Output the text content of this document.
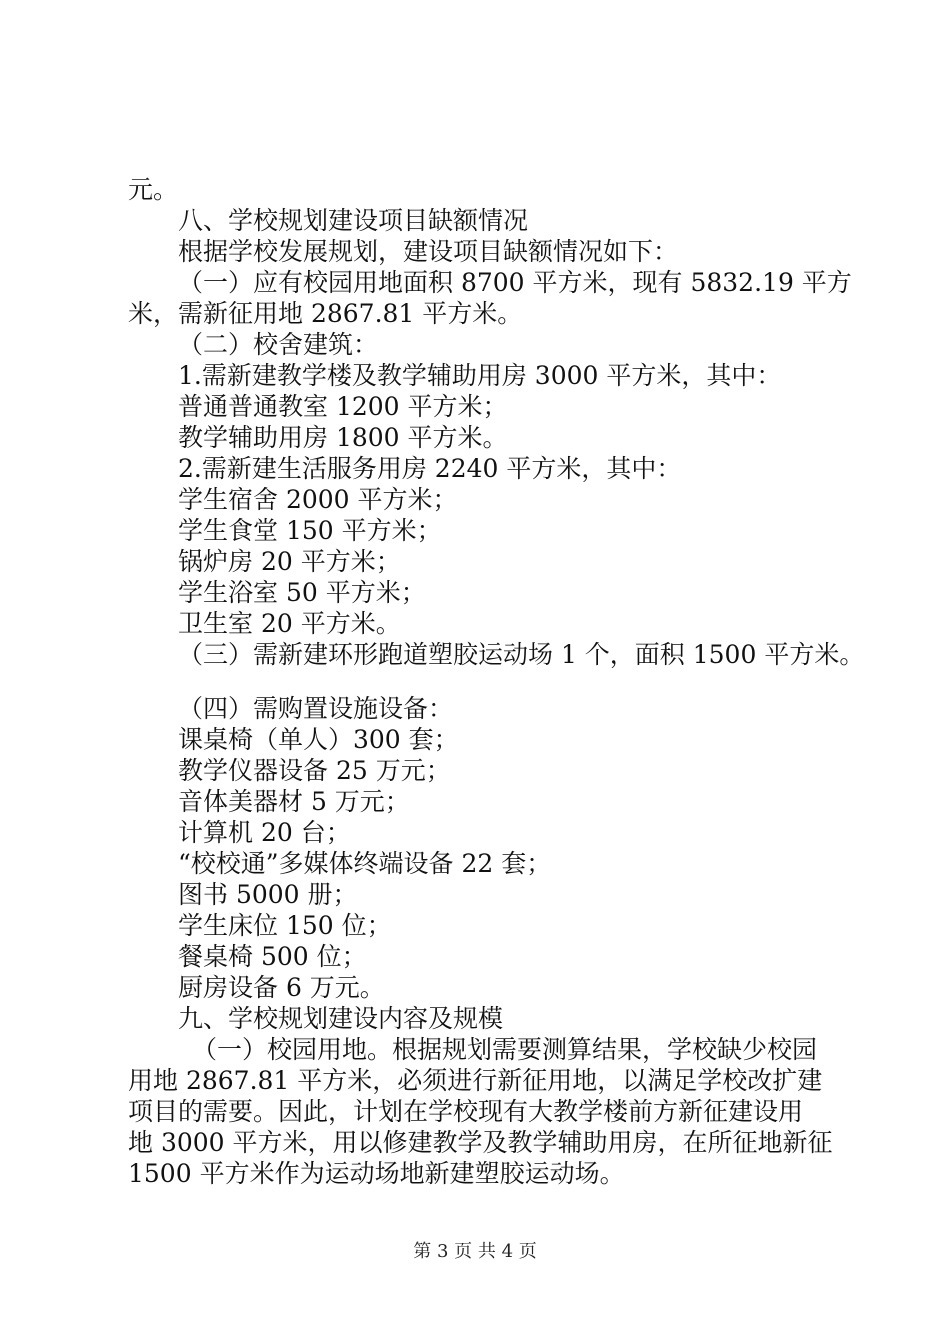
元。
八、学校规划建设项目缺额情况
根据学校发展规划，建设项目缺额情况如下：
（一）应有校园用地面积 8700 平方米，现有 5832.19 平方
米，需新征用地 2867.81 平方米。
（二）校舍建筑：
1.需新建教学楼及教学辅助用房 3000 平方米，其中：
普通普通教室 1200 平方米；
教学辅助用房 1800 平方米。
2.需新建生活服务用房 2240 平方米，其中：
学生宿舍 2000 平方米；
学生食堂 150 平方米；
锅炉房 20 平方米；
学生浴室 50 平方米；
卫生室 20 平方米。
（三）需新建环形跑道塑胶运动场 1 个，面积 1500 平方米。
（四）需购置设施设备：
课桌椅（单人）300 套；
教学仪器设备 25 万元；
音体美器材 5 万元；
计算机 20 台；
“校校通”多媒体终端设备 22 套；
图书 5000 册；
学生床位 150 位；
餐桌椅 500 位；
厨房设备 6 万元。
九、学校规划建设内容及规模
（一）校园用地。根据规划需要测算结果，学校缺少校园
用地 2867.81 平方米，必须进行新征用地，以满足学校改扩建
项目的需要。因此，计划在学校现有大教学楼前方新征建设用
地 3000 平方米，用以修建教学及教学辅助用房，在所征地新征
1500 平方米作为运动场地新建塑胶运动场。
第 3 页 共 4 页
